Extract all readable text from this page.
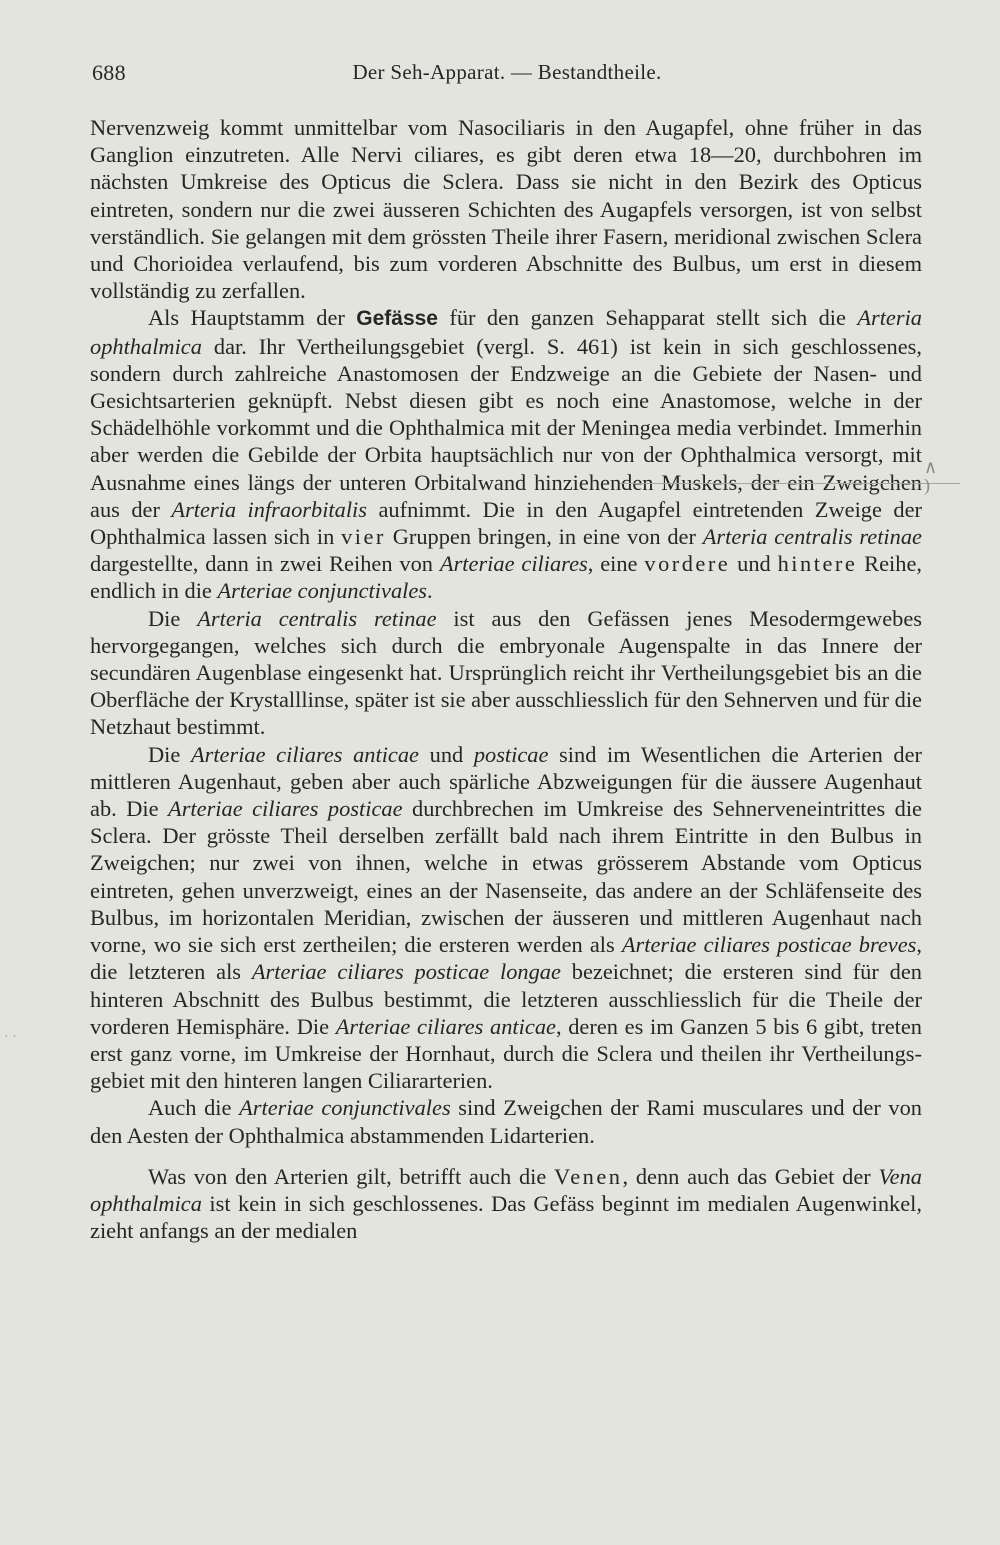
688	Der Seh-Apparat. — Bestandtheile.

Nervenzweig kommt unmittelbar vom Nasociliaris in den Augapfel, ohne früher in das Ganglion einzutreten. Alle Nervi ciliares, es gibt deren etwa 18—20, durchbohren im nächsten Umkreise des Opticus die Sclera. Dass sie nicht in den Bezirk des Opticus eintreten, sondern nur die zwei äusseren Schichten des Augapfels versorgen, ist von selbst verständlich. Sie gelangen mit dem grössten Theile ihrer Fasern, meridional zwischen Sclera und Chorioidea verlaufend, bis zum vorderen Abschnitte des Bulbus, um erst in diesem vollständig zu zerfallen.

Als Hauptstamm der Gefässe für den ganzen Sehapparat stellt sich die Arteria ophthalmica dar. Ihr Vertheilungsgebiet (vergl. S. 461) ist kein in sich geschlossenes, sondern durch zahlreiche Anastomosen der Endzweige an die Gebiete der Nasen- und Gesichtsarterien geknüpft. Nebst diesen gibt es noch eine Anastomose, welche in der Schädelhöhle vorkommt und die Ophthalmica mit der Meningea media verbindet. Immerhin aber werden die Gebilde der Orbita hauptsächlich nur von der Ophthalmica versorgt, mit Ausnahme eines längs der unteren Orbitalwand hinziehenden Muskels, der ein Zweigchen aus der Arteria infraorbitalis aufnimmt. Die in den Augapfel eintretenden Zweige der Ophthalmica lassen sich in vier Gruppen bringen, in eine von der Arteria centralis retinae dargestellte, dann in zwei Reihen von Arteriae ciliares, eine vordere und hintere Reihe, endlich in die Arteriae conjunctivales.

Die Arteria centralis retinae ist aus den Gefässen jenes Mesodermgewebes hervorgegangen, welches sich durch die embryonale Augenspalte in das Innere der secundären Augenblase eingesenkt hat. Ursprünglich reicht ihr Vertheilungsgebiet bis an die Oberfläche der Krystalllinse, später ist sie aber ausschliesslich für den Sehnerven und für die Netzhaut bestimmt.

Die Arteriae ciliares anticae und posticae sind im Wesentlichen die Arterien der mittleren Augenhaut, geben aber auch spärliche Abzweigungen für die äussere Augenhaut ab. Die Arteriae ciliares posticae durchbrechen im Umkreise des Sehnerveneintrittes die Sclera. Der grösste Theil derselben zerfällt bald nach ihrem Eintritte in den Bulbus in Zweigchen; nur zwei von ihnen, welche in etwas grösserem Abstande vom Opticus eintreten, gehen unverzweigt, eines an der Nasenseite, das andere an der Schläfenseite des Bulbus, im horizontalen Meridian, zwischen der äusseren und mittleren Augenhaut nach vorne, wo sie sich erst zertheilen; die ersteren werden als Arteriae ciliares posticae breves, die letzteren als Arteriae ciliares posticae longae bezeichnet; die ersteren sind für den hinteren Abschnitt des Bulbus bestimmt, die letzteren ausschliesslich für die Theile der vorderen Hemisphäre. Die Arteriae ciliares anticae, deren es im Ganzen 5 bis 6 gibt, treten erst ganz vorne, im Umkreise der Hornhaut, durch die Sclera und theilen ihr Vertheilungsgebiet mit den hinteren langen Ciliararterien.

Auch die Arteriae conjunctivales sind Zweigchen der Rami musculares und der von den Aesten der Ophthalmica abstammenden Lidarterien.

Was von den Arterien gilt, betrifft auch die Venen, denn auch das Gebiet der Vena ophthalmica ist kein in sich geschlossenes. Das Gefäss beginnt im medialen Augenwinkel, zieht anfangs an der medialen

∧
)
· ·
